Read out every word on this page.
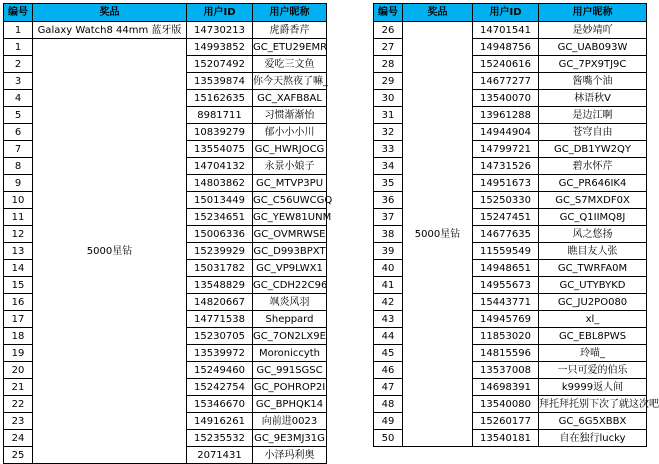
编号	奖品	用户ID	用户昵称
1	Galaxy Watch8 44mm 蓝牙版	14730213	虎爵香芹
1	5000星钻	14993852	GC_ETU29EMR
2		15207492	爱吃三文鱼
3		13539874	你今天熬夜了嘛_
4		15162635	GC_XAFB8AL
5		8981711	习惯渐渐怡
6		10839279	郁小小小川
7		13554075	GC_HWRJOCG
8		14704132	永景小娘子
9		14803862	GC_MTVP3PU
10		15013449	GC_C56UWCGQ
11		15234651	GC_YEW81UNM
12		15006336	GC_OVMRWSE
13		15239929	GC_D993BPXT
14		15031782	GC_VP9LWX1
15		13548829	GC_CDH22C96
16		14820667	飒炎风羽
17		14771538	Sheppard
18		15230705	GC_7ON2LX9E
19		13539972	Moroniccyth
20		15249460	GC_991SGSC
21		15242754	GC_POHROP2I
22		15346670	GC_BPHQK14
23		14916261	向前进0023
24		15235532	GC_9E3MJ31G
25		2071431	小泽玛利奥
编号	奖品	用户ID	用户昵称
26	5000星钻	14701541	是妙靖吖
27		14948756	GC_UAB093W
28		15240616	GC_7PX9TJ9C
29		14677277	酱嘴个油
30		13540070	林语秋V
31		13961288	是边江啊
32		14944904	苍穹自由
33		14799721	GC_DB1YW2QY
34		14731526	碧水怀芹
35		14951673	GC_PR646IK4
36		15250330	GC_S7MXDF0X
37		15247451	GC_Q1IIMQ8J
38		14677635	风之悠扬
39		11559549	瞧目友人张
40		14948651	GC_TWRFA0M
41		14955673	GC_UTYBYKD
42		15443771	GC_JU2PO080
43		14945769	xl_
44		11853020	GC_EBL8PWS
45		14815596	玲喵_
46		13537008	一只可爱的伯乐
47		14698391	k9999返人间
48		13540080	拜托拜托别下次了就这次吧
49		15260177	GC_6G5XBBX
50		13540181	自在独行lucky
